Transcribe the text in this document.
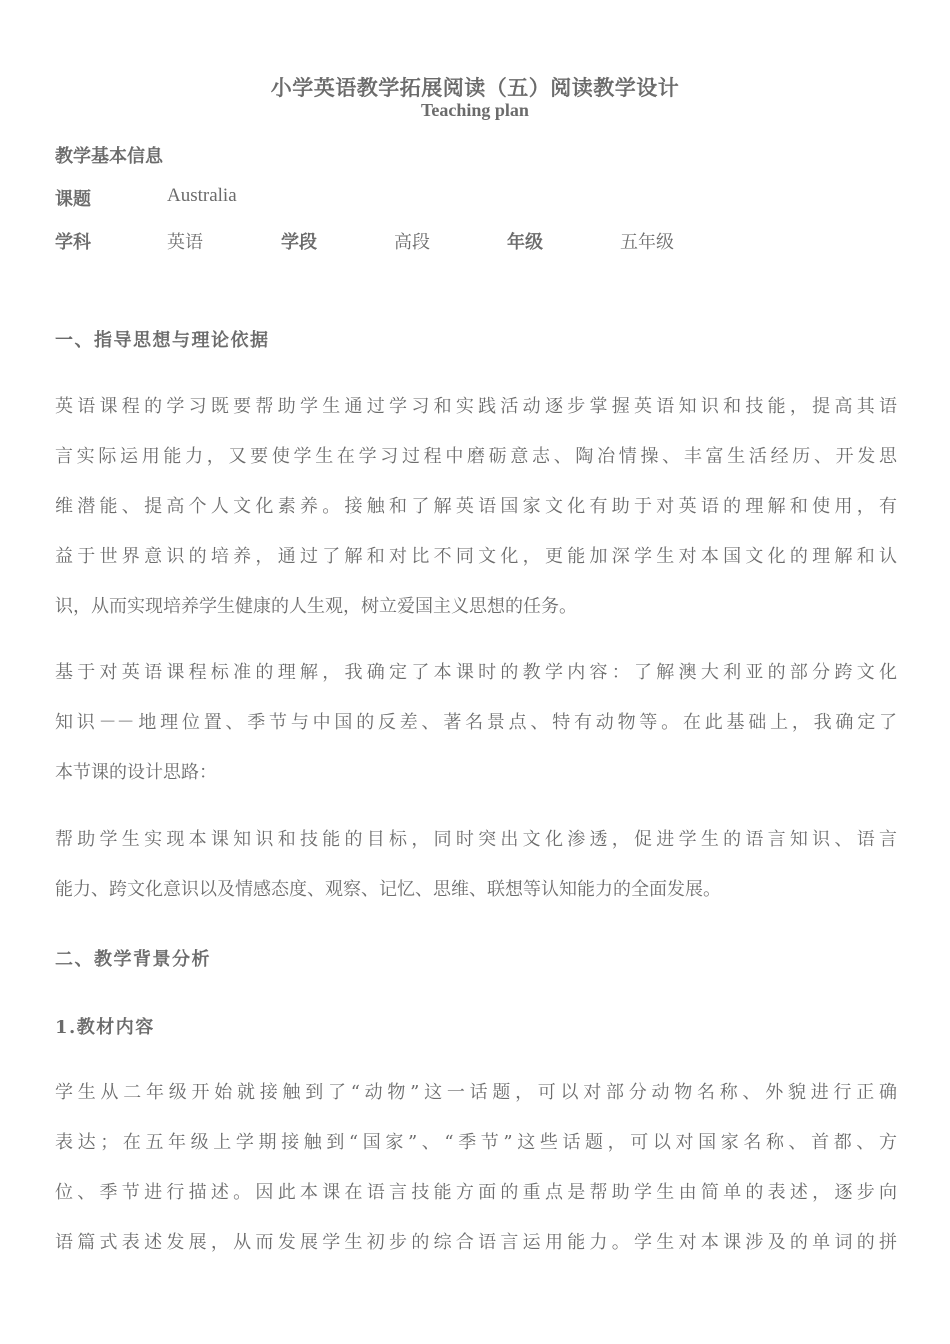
小学英语教学拓展阅读（五）阅读教学设计
Teaching plan
教学基本信息
课题	Australia
学科	英语	学段	高段	年级	五年级
一、指导思想与理论依据
英语课程的学习既要帮助学生通过学习和实践活动逐步掌握英语知识和技能，提高其语
言实际运用能力，又要使学生在学习过程中磨砺意志、陶冶情操、丰富生活经历、开发思
维潜能、提高个人文化素养。接触和了解英语国家文化有助于对英语的理解和使用，有
益于世界意识的培养，通过了解和对比不同文化，更能加深学生对本国文化的理解和认
识，从而实现培养学生健康的人生观，树立爱国主义思想的任务。
基于对英语课程标准的理解，我确定了本课时的教学内容：了解澳大利亚的部分跨文化
知识－－地理位置、季节与中国的反差、著名景点、特有动物等。在此基础上，我确定了
本节课的设计思路：
帮助学生实现本课知识和技能的目标，同时突出文化渗透，促进学生的语言知识、语言
能力、跨文化意识以及情感态度、观察、记忆、思维、联想等认知能力的全面发展。
二、教学背景分析
1.教材内容
学生从二年级开始就接触到了“动物”这一话题，可以对部分动物名称、外貌进行正确
表达；在五年级上学期接触到“国家”、“季节”这些话题，可以对国家名称、首都、方
位、季节进行描述。因此本课在语言技能方面的重点是帮助学生由简单的表述，逐步向
语篇式表述发展，从而发展学生初步的综合语言运用能力。学生对本课涉及的单词的拼
